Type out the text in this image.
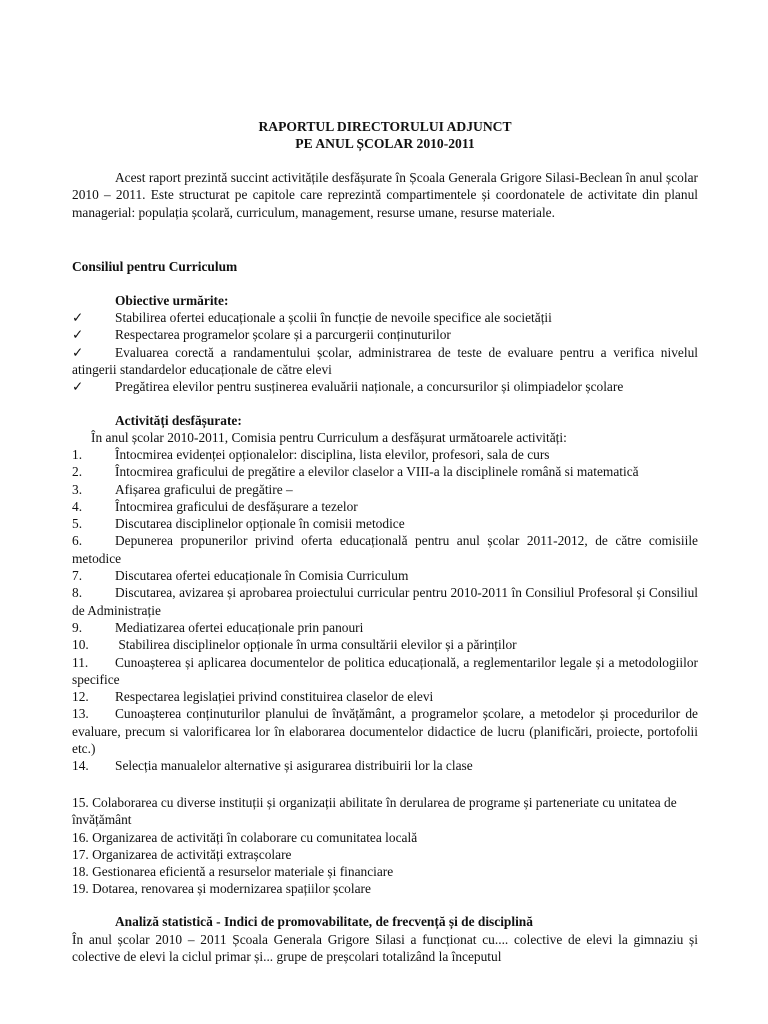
RAPORTUL DIRECTORULUI ADJUNCT
PE ANUL ȘCOLAR 2010-2011
Acest raport prezintă succint activitățile desfășurate în Școala Generala Grigore Silasi-Beclean în anul școlar 2010 – 2011. Este structurat pe capitole care reprezintă compartimentele și coordonatele de activitate din planul managerial: populația școlară, curriculum, management, resurse umane, resurse materiale.
Consiliul pentru Curriculum
Obiective urmărite:
✓ Stabilirea ofertei educaționale a școlii în funcție de nevoile specifice ale societății
✓ Respectarea programelor școlare și a parcurgerii conținuturilor
✓ Evaluarea corectă a randamentului școlar, administrarea de teste de evaluare pentru a verifica nivelul atingerii standardelor educaționale de către elevi
✓ Pregătirea elevilor pentru susținerea evaluării naționale, a concursurilor și olimpiadelor școlare
Activități desfășurate:
În anul școlar 2010-2011, Comisia pentru Curriculum a desfășurat următoarele activități:
1. Întocmirea evidenței opționalelor: disciplina, lista elevilor, profesori, sala de curs
2. Întocmirea graficului de pregătire a elevilor claselor a VIII-a la disciplinele română si matematică
3. Afișarea graficului de pregătire –
4. Întocmirea graficului de desfășurare a tezelor
5. Discutarea disciplinelor opționale în comisii metodice
6. Depunerea propunerilor privind oferta educațională pentru anul școlar 2011-2012, de către comisiile metodice
7. Discutarea ofertei educaționale în Comisia Curriculum
8. Discutarea, avizarea și aprobarea proiectului curricular pentru 2010-2011 în Consiliul Profesoral și Consiliul de Administrație
9. Mediatizarea ofertei educaționale prin panouri
10. Stabilirea disciplinelor opționale în urma consultării elevilor și a părinților
11. Cunoașterea și aplicarea documentelor de politica educațională, a reglementarilor legale și a metodologiilor specifice
12. Respectarea legislației privind constituirea claselor de elevi
13. Cunoașterea conținuturilor planului de învățământ, a programelor școlare, a metodelor și procedurilor de evaluare, precum si valorificarea lor în elaborarea documentelor didactice de lucru (planificări, proiecte, portofolii etc.)
14. Selecția manualelor alternative și asigurarea distribuirii lor la clase
15. Colaborarea cu diverse instituții și organizații abilitate în derularea de programe și parteneriate cu unitatea de învățământ
16. Organizarea de activități în colaborare cu comunitatea locală
17. Organizarea de activități extrașcolare
18. Gestionarea eficientă a resurselor materiale și financiare
19. Dotarea, renovarea și modernizarea spațiilor școlare
Analiză statistică - Indici de promovabilitate, de frecvență și de disciplină
În anul școlar 2010 – 2011 Școala Generala Grigore Silasi a funcționat cu.... colective de elevi la gimnaziu și colective de elevi la ciclul primar și... grupe de preșcolari totalizând la începutul
